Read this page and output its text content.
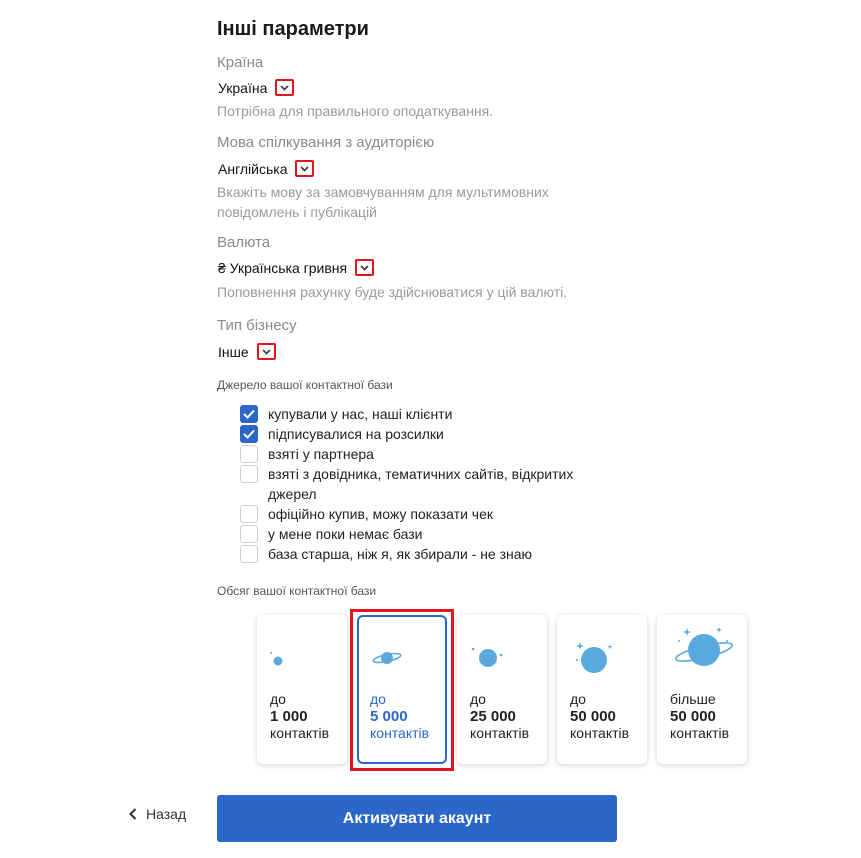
Інші параметри
Країна
Україна
Потрібна для правильного оподаткування.
Мова спілкування з аудиторією
Англійська
Вкажіть мову за замовчуванням для мультимовних повідомлень і публікацій
Валюта
₴ Українська гривня
Поповнення рахунку буде здійснюватися у цій валюті.
Тип бізнесу
Інше
Джерело вашої контактної бази
купували у нас, наші клієнти
підписувалися на розсилки
взяті у партнера
взяті з довідника, тематичних сайтів, відкритих джерел
офіційно купив, можу показати чек
у мене поки немає бази
база старша, ніж я, як збирали - не знаю
Обсяг вашої контактної бази
до
1 000
контактів
до
5 000
контактів
до
25 000
контактів
до
50 000
контактів
більше
50 000
контактів
Назад	Активувати акаунт
